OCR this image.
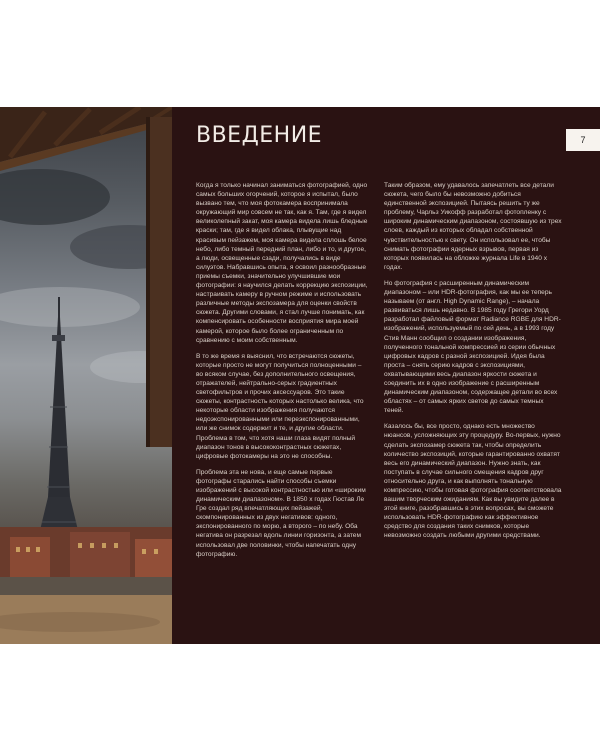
ВВЕДЕНИЕ	7

Когда я только начинал заниматься фотографией, одно самых больших огорчений, которое я испытал, было вызвано тем, что моя фотокамера воспринимала окружающий мир совсем не так, как я. Там, где я видел великолепный закат, моя камера видела лишь бледные краски; там, где я видел облака, плывущие над красивым пейзажем, моя камера видела сплошь белое небо, либо темный передний план, либо и то, и другое, а люди, освещенные сзади, получались в виде силуэтов. Набравшись опыта, я освоил разнообразные приемы съемки, значительно улучшившие мои фотографии: я научился делать коррекцию экспозиции, настраивать камеру в ручном режиме и использовать различные методы экспозамера для оценки свойств сюжета. Другими словами, я стал лучше понимать, как компенсировать особенности восприятия мира моей камерой, которое было более ограниченным по сравнению с моим собственным.

В то же время я выяснил, что встречаются сюжеты, которые просто не могут получиться полноценными – во всяком случае, без дополнительного освещения, отражателей, нейтрально-серых градиентных светофильтров и прочих аксессуаров. Это такие сюжеты, контрастность которых настолько велика, что некоторые области изображения получаются недоэкспонированными или переэкспонированными, или же снимок содержит и те, и другие области. Проблема в том, что хотя наши глаза видят полный диапазон тонов в высококонтрастных сюжетах, цифровые фотокамеры на это не способны.

Проблема эта не нова, и еще самые первые фотографы старались найти способы съемки изображений с высокой контрастностью или «широким динамическим диапазоном». В 1850 х годах Гюстав Ле Гре создал ряд впечатляющих пейзажей, скомпонированных из двух негативов: одного, экспонированного по морю, а второго – по небу. Оба негатива он разрезал вдоль линии горизонта, а затем использовал две половинки, чтобы напечатать одну фотографию.

Таким образом, ему удавалось запечатлеть все детали сюжета, чего было бы невозможно добиться единственной экспозицией. Пытаясь решить ту же проблему, Чарльз Уикофф разработал фотопленку с широким динамическим диапазоном, состоявшую из трех слоев, каждый из которых обладал собственной чувствительностью к свету. Он использовал ее, чтобы снимать фотографии ядерных взрывов, первая из которых появилась на обложке журнала Life в 1940 х годах.

Но фотография с расширенным динамическим диапазоном – или HDR-фотография, как мы ее теперь называем (от англ. High Dynamic Range), – начала развиваться лишь недавно. В 1985 году Грегори Уорд разработал файловый формат Radiance RGBE для HDR-изображений, используемый по сей день, а в 1993 году Стив Манн сообщил о создании изображения, полученного тональной компрессией из серии обычных цифровых кадров с разной экспозицией. Идея была проста – снять серию кадров с экспозициями, охватывающими весь диапазон яркости сюжета и соединить их в одно изображение с расширенным динамическим диапазоном, содержащее детали во всех областях – от самых ярких светов до самых темных теней.

Казалось бы, все просто, однако есть множество нюансов, усложняющих эту процедуру. Во-первых, нужно сделать экспозамер сюжета так, чтобы определить количество экспозиций, которые гарантированно охватят весь его динамический диапазон. Нужно знать, как поступать в случае сильного смещения кадров друг относительно друга, и как выполнять тональную компрессию, чтобы готовая фотография соответствовала вашим творческим ожиданиям. Как вы увидите далее в этой книге, разобравшись в этих вопросах, вы сможете использовать HDR-фотографию как эффективное средство для создания таких снимков, которые невозможно создать любыми другими средствами.
